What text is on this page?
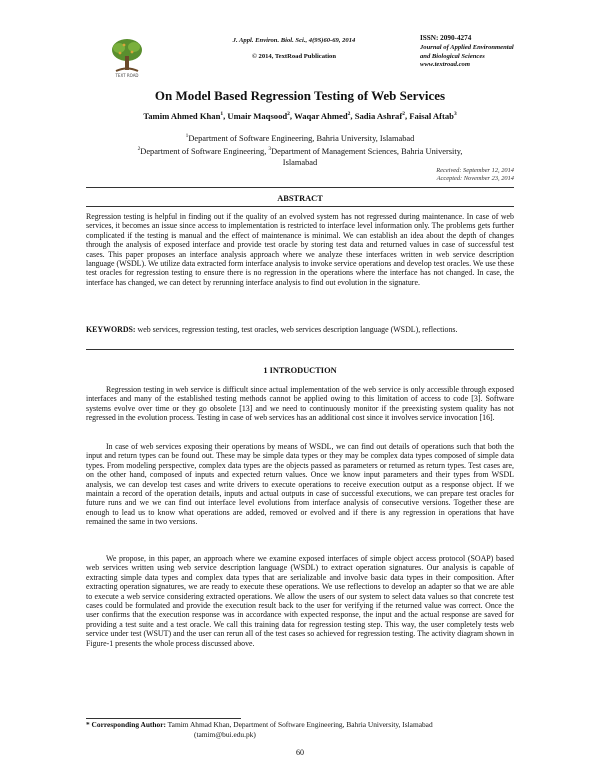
TEXT ROAD
J. Appl. Environ. Biol. Sci., 4(9S)60-69, 2014
© 2014, TextRoad Publication
ISSN: 2090-4274
Journal of Applied Environmental
and Biological Sciences
www.textroad.com
On Model Based Regression Testing of Web Services
Tamim Ahmed Khan$^1$, Umair Maqsood$^2$, Waqar Ahmed$^2$, Sadia Ashraf$^2$, Faisal Aftab$^3$
$^1$Department of Software Engineering, Bahria University, Islamabad
$^2$Department of Software Engineering, $^3$Department of Management Sciences, Bahria University,
Islamabad
Received: September 12, 2014
Accepted: November 23, 2014
ABSTRACT
Regression testing is helpful in finding out if the quality of an evolved system has not regressed during maintenance. In case of web services, it becomes an issue since access to implementation is restricted to interface level information only. The problems gets further complicated if the testing is manual and the effect of maintenance is minimal. We can establish an idea about the depth of changes through the analysis of exposed interface and provide test oracle by storing test data and returned values in case of successful test cases. This paper proposes an interface analysis approach where we analyze these interfaces written in web service description language (WSDL). We utilize data extracted form interface analysis to invoke service operations and develop test oracles. We use these test oracles for regression testing to ensure there is no regression in the operations where the interface has not changed. In case, the interface has changed, we can detect by rerunning interface analysis to find out evolution in the signature.
KEYWORDS: web services, regression testing, test oracles, web services description language (WSDL), reflections.
1 INTRODUCTION
Regression testing in web service is difficult since actual implementation of the web service is only accessible through exposed interfaces and many of the established testing methods cannot be applied owing to this limitation of access to code [3]. Software systems evolve over time or they go obsolete [13] and we need to continuously monitor if the preexisting system quality has not regressed in the evolution process. Testing in case of web services has an additional cost since it involves service invocation [16].
In case of web services exposing their operations by means of WSDL, we can find out details of operations such that both the input and return types can be found out. These may be simple data types or they may be complex data types composed of simple data types. From modeling perspective, complex data types are the objects passed as parameters or returned as return types. Test cases are, on the other hand, composed of inputs and expected return values. Once we know input parameters and their types from WSDL analysis, we can develop test cases and write drivers to execute operations to receive execution output as a response object. If we maintain a record of the operation details, inputs and actual outputs in case of successful executions, we can prepare test oracles for future runs and we we can find out interface level evolutions from interface analysis of consecutive versions. Together these are enough to lead us to know what operations are added, removed or evolved and if there is any regression in operations that have remained the same in two versions.
We propose, in this paper, an approach where we examine exposed interfaces of simple object access protocol (SOAP) based web services written using web service description language (WSDL) to extract operation signatures. Our analysis is capable of extracting simple data types and complex data types that are serializable and involve basic data types in their composition. After extracting operation signatures, we are ready to execute these operations. We use reflections to develop an adapter so that we are able to execute a web service considering extracted operations. We allow the users of our system to select data values so that concrete test cases could be formulated and provide the execution result back to the user for verifying if the returned value was correct. Once the user confirms that the execution response was in accordance with expected response, the input and the actual response are saved for providing a test suite and a test oracle. We call this training data for regression testing step. This way, the user completely tests web service under test (WSUT) and the user can rerun all of the test cases so achieved for regression testing. The activity diagram shown in Figure-1 presents the whole process discussed above.
* Corresponding Author: Tamim Ahmad Khan, Department of Software Engineering, Bahria University, Islamabad
(tamim@bui.edu.pk)
60
